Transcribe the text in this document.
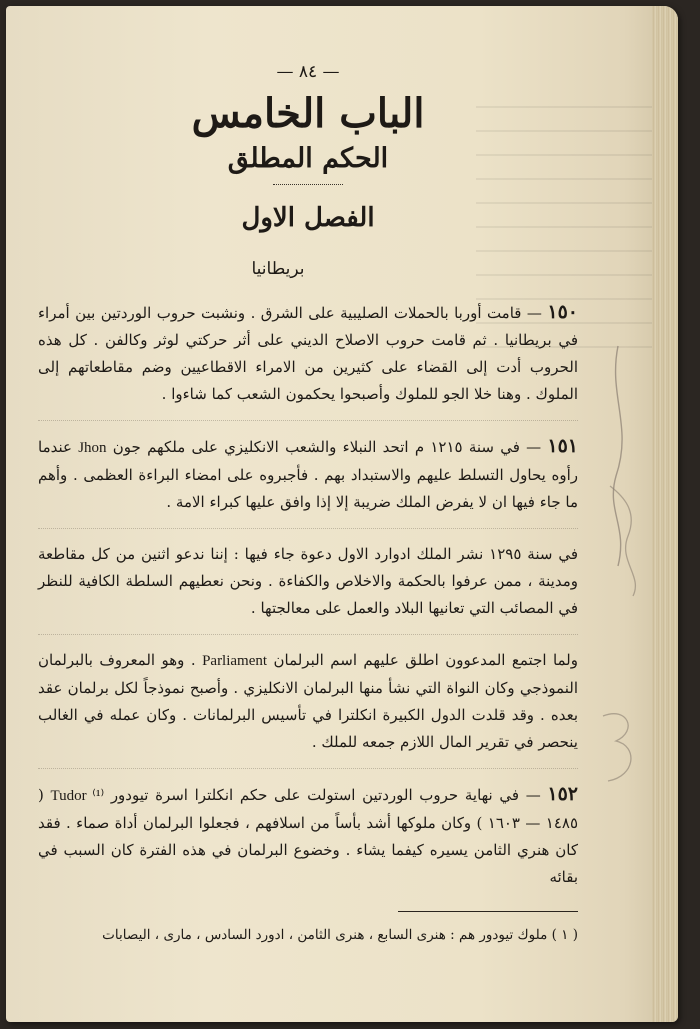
— ٨٤ —
الباب الخامس
الحكم المطلق
الفصل الاول
بريطانيا

١٥٠ — قامت أوربا بالحملات الصليبية على الشرق . ونشبت حروب الوردتين بين أمراء في بريطانيا . ثم قامت حروب الاصلاح الديني على أثر حركتي لوثر وكالفن . كل هذه الحروب أدت إلى القضاء على كثيرين من الامراء الاقطاعيين وضم مقاطعاتهم إلى الملوك . وهنا خلا الجو للملوك وأصبحوا يحكمون الشعب كما شاءوا .

١٥١ — في سنة ١٢١٥ م اتحد النبلاء والشعب الانكليزي على ملكهم جون Jhon عندما رأوه يحاول التسلط عليهم والاستبداد بهم . فأجبروه على امضاء البراءة العظمى . وأهم ما جاء فيها ان لا يفرض الملك ضريبة إلا إذا وافق عليها كبراء الامة .

في سنة ١٢٩٥ نشر الملك ادوارد الاول دعوة جاء فيها : إننا ندعو اثنين من كل مقاطعة ومدينة ، ممن عرفوا بالحكمة والاخلاص والكفاءة . ونحن نعطيهم السلطة الكافية للنظر في المصائب التي تعانيها البلاد والعمل على معالجتها .

ولما اجتمع المدعوون اطلق عليهم اسم البرلمان Parliament . وهو المعروف بالبرلمان النموذجي وكان النواة التي نشأ منها البرلمان الانكليزي . وأصبح نموذجاً لكل برلمان عقد بعده . وقد قلدت الدول الكبيرة انكلترا في تأسيس البرلمانات . وكان عمله في الغالب ينحصر في تقرير المال اللازم جمعه للملك .

١٥٢ — في نهاية حروب الوردتين استولت على حكم انكلترا اسرة تيودور Tudor ⁽¹⁾ ( ١٤٨٥ — ١٦٠٣ ) وكان ملوكها أشد بأساً من اسلافهم ، فجعلوا البرلمان أداة صماء . فقد كان هنري الثامن يسيره كيفما يشاء . وخضوع البرلمان في هذه الفترة كان السبب في بقائه

( ١ ) ملوك تيودور هم : هنرى السابع ، هنرى الثامن ، ادورد السادس ، مارى ، اليصابات
